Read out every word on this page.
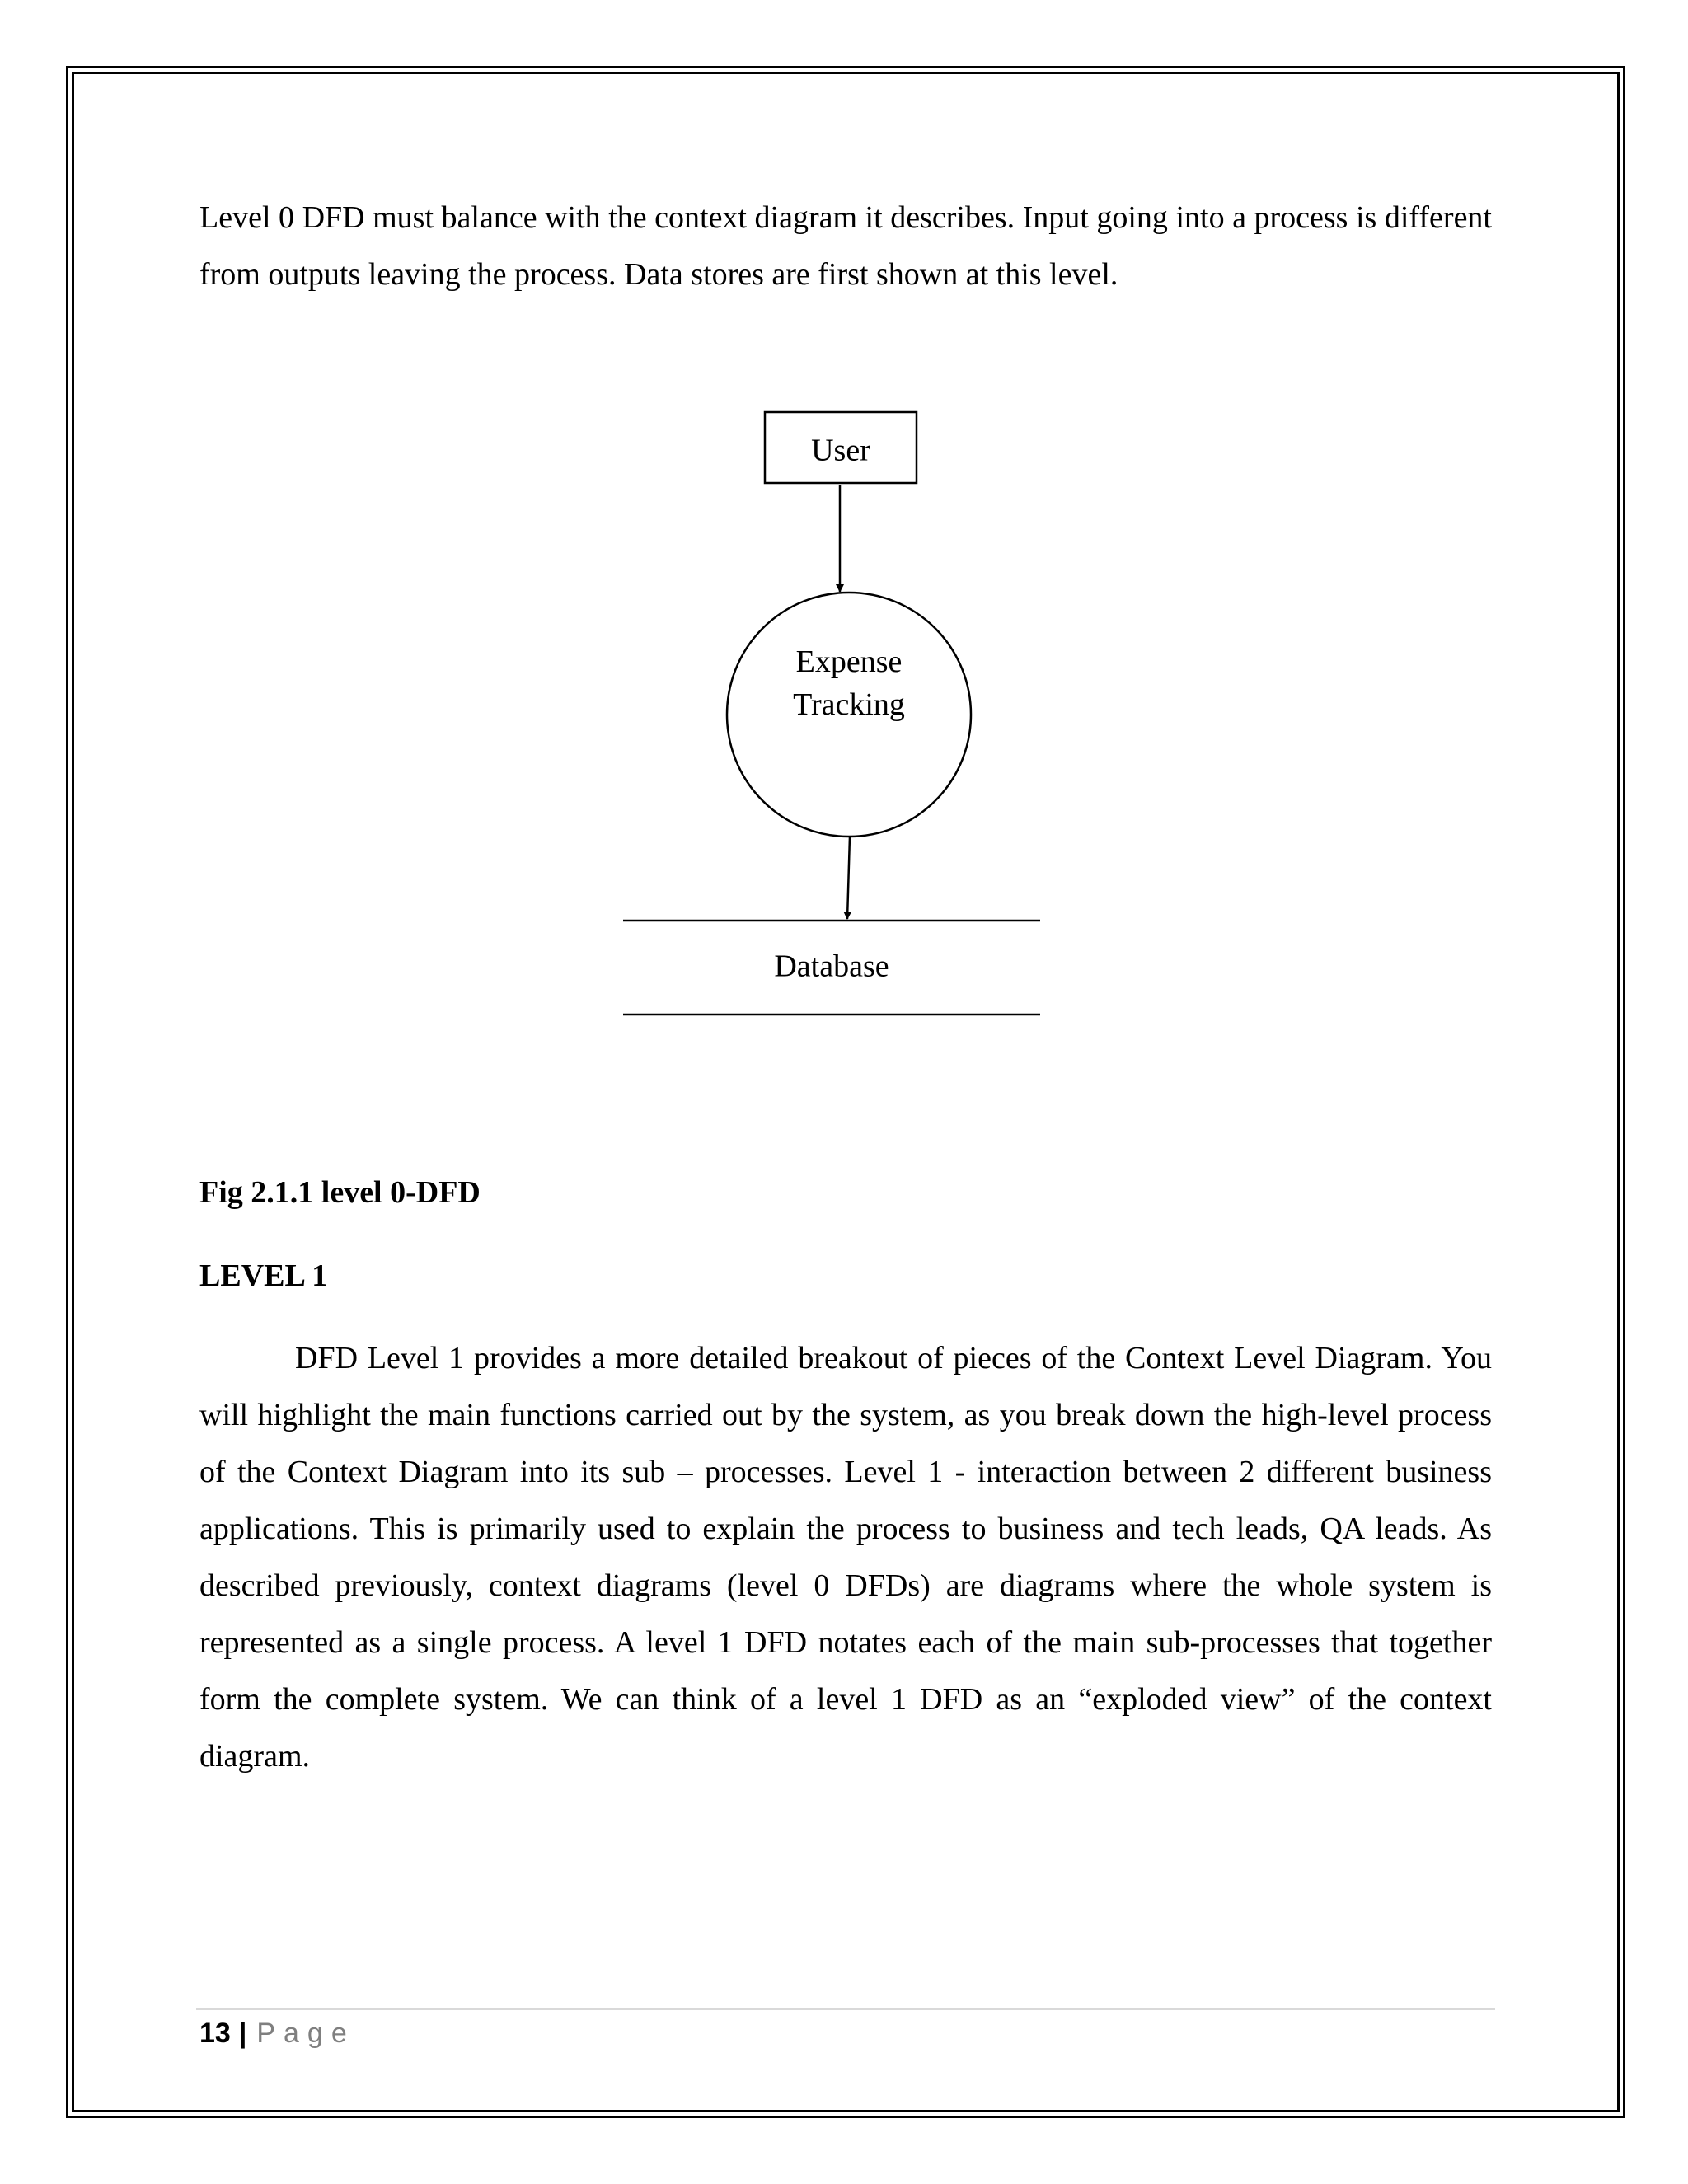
Level 0 DFD must balance with the context diagram it describes. Input going into a process is different from outputs leaving the process. Data stores are first shown at this level.

User
Expense
Tracking
Database

Fig 2.1.1 level 0-DFD

LEVEL 1

DFD Level 1 provides a more detailed breakout of pieces of the Context Level Diagram. You will highlight the main functions carried out by the system, as you break down the high-level process of the Context Diagram into its sub – processes. Level 1 - interaction between 2 different business applications. This is primarily used to explain the process to business and tech leads, QA leads. As described previously, context diagrams (level 0 DFDs) are diagrams where the whole system is represented as a single process. A level 1 DFD notates each of the main sub-processes that together form the complete system. We can think of a level 1 DFD as an “exploded view” of the context diagram.

13 | Page
